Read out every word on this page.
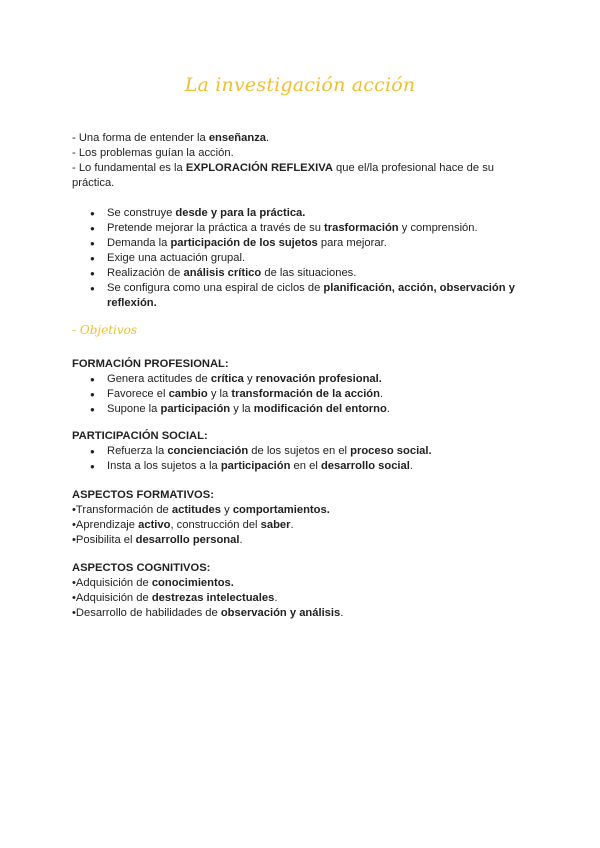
La investigación acción
- Una forma de entender la enseñanza.
- Los problemas guían la acción.
- Lo fundamental es la EXPLORACIÓN REFLEXIVA que el/la profesional hace de su práctica.
● Se construye desde y para la práctica.
● Pretende mejorar la práctica a través de su trasformación y comprensión.
● Demanda la participación de los sujetos para mejorar.
● Exige una actuación grupal.
● Realización de análisis crítico de las situaciones.
● Se configura como una espiral de ciclos de planificación, acción, observación y reflexión.
- Objetivos
FORMACIÓN PROFESIONAL:
● Genera actitudes de crítica y renovación profesional.
● Favorece el cambio y la transformación de la acción.
● Supone la participación y la modificación del entorno.
PARTICIPACIÓN SOCIAL:
● Refuerza la concienciación de los sujetos en el proceso social.
● Insta a los sujetos a la participación en el desarrollo social.
ASPECTOS FORMATIVOS:
• Transformación de actitudes y comportamientos.
• Aprendizaje activo, construcción del saber.
• Posibilita el desarrollo personal.
ASPECTOS COGNITIVOS:
• Adquisición de conocimientos.
• Adquisición de destrezas intelectuales.
• Desarrollo de habilidades de observación y análisis.
